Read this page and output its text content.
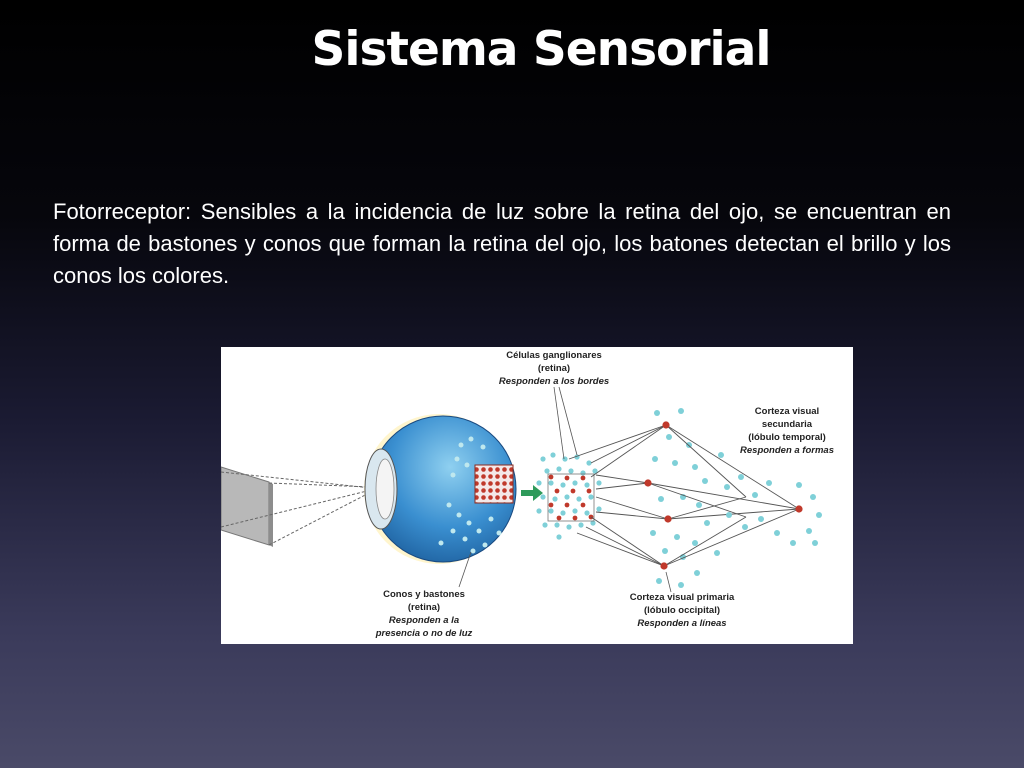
Sistema Sensorial
Fotorreceptor: Sensibles a la incidencia de luz sobre la retina del ojo, se encuentran en forma de bastones y conos que forman la retina del ojo, los batones detectan el brillo y los conos los colores.
Células ganglionares
(retina)
Responden a los bordes
Corteza visual
secundaria
(lóbulo temporal)
Responden a formas
Conos y bastones
(retina)
Responden a la
presencia o no de luz
Corteza visual primaria
(lóbulo occipital)
Responden a líneas
